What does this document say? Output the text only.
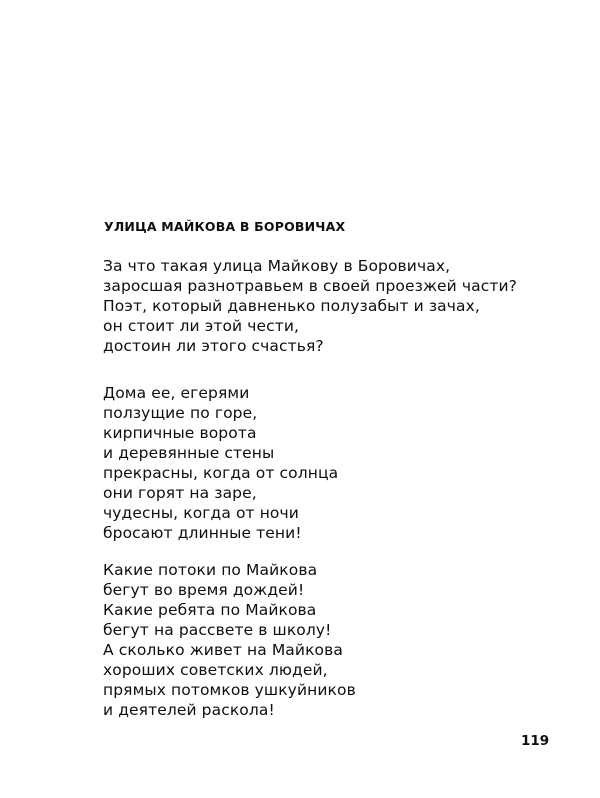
УЛИЦА МАЙКОВА В БОРОВИЧАХ
За что такая улица Майкову в Боровичах,
заросшая разнотравьем в своей проезжей части?
Поэт, который давненько полузабыт и зачах,
он стоит ли этой чести,
достоин ли этого счастья?
Дома ее, егерями
ползущие по горе,
кирпичные ворота
и деревянные стены
прекрасны, когда от солнца
они горят на заре,
чудесны, когда от ночи
бросают длинные тени!
Какие потоки по Майкова
бегут во время дождей!
Какие ребята по Майкова
бегут на рассвете в школу!
А сколько живет на Майкова
хороших советских людей,
прямых потомков ушкуйников
и деятелей раскола!
119
